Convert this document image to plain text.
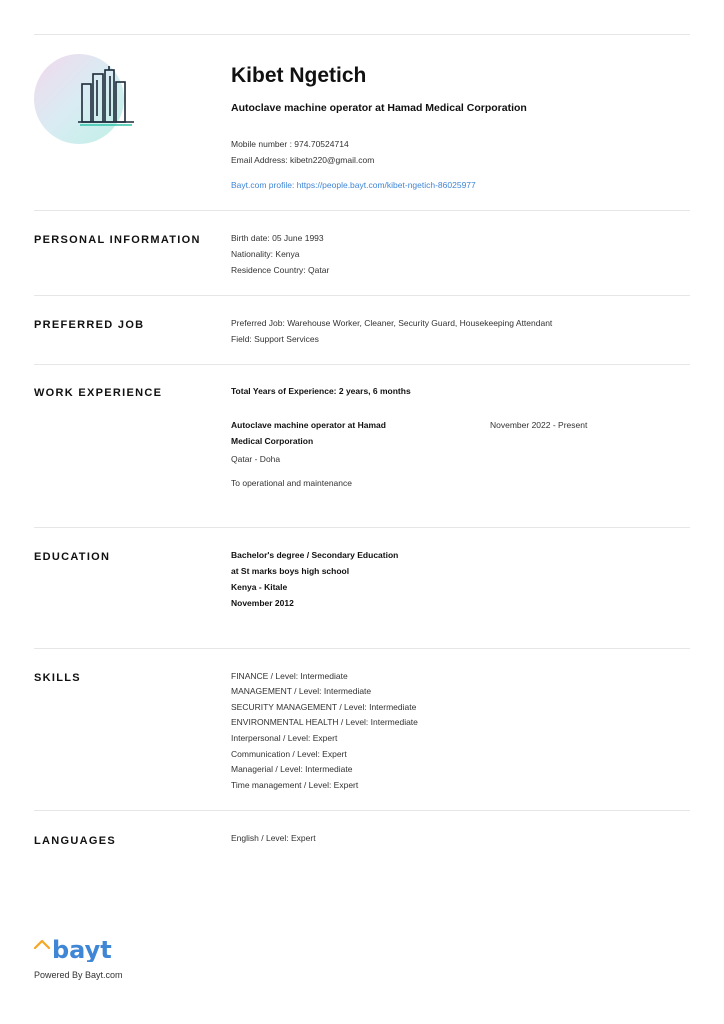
Kibet Ngetich
Autoclave machine operator at Hamad Medical Corporation
Mobile number : 974.70524714
Email Address: kibetn220@gmail.com
Bayt.com profile: https://people.bayt.com/kibet-ngetich-86025977
PERSONAL INFORMATION	Birth date: 05 June 1993
Nationality: Kenya
Residence Country: Qatar
PREFERRED JOB	Preferred Job: Warehouse Worker, Cleaner, Security Guard, Housekeeping Attendant
Field: Support Services
WORK EXPERIENCE	Total Years of Experience: 2 years, 6 months
Autoclave machine operator at Hamad
Medical Corporation
November 2022 - Present
Qatar - Doha
To operational and maintenance
EDUCATION	Bachelor's degree / Secondary Education
at St marks boys high school
Kenya - Kitale
November 2012
SKILLS	FINANCE / Level: Intermediate
MANAGEMENT / Level: Intermediate
SECURITY MANAGEMENT / Level: Intermediate
ENVIRONMENTAL HEALTH / Level: Intermediate
Interpersonal / Level: Expert
Communication / Level: Expert
Managerial / Level: Intermediate
Time management / Level: Expert
LANGUAGES	English / Level: Expert
bayt
Powered By Bayt.com
